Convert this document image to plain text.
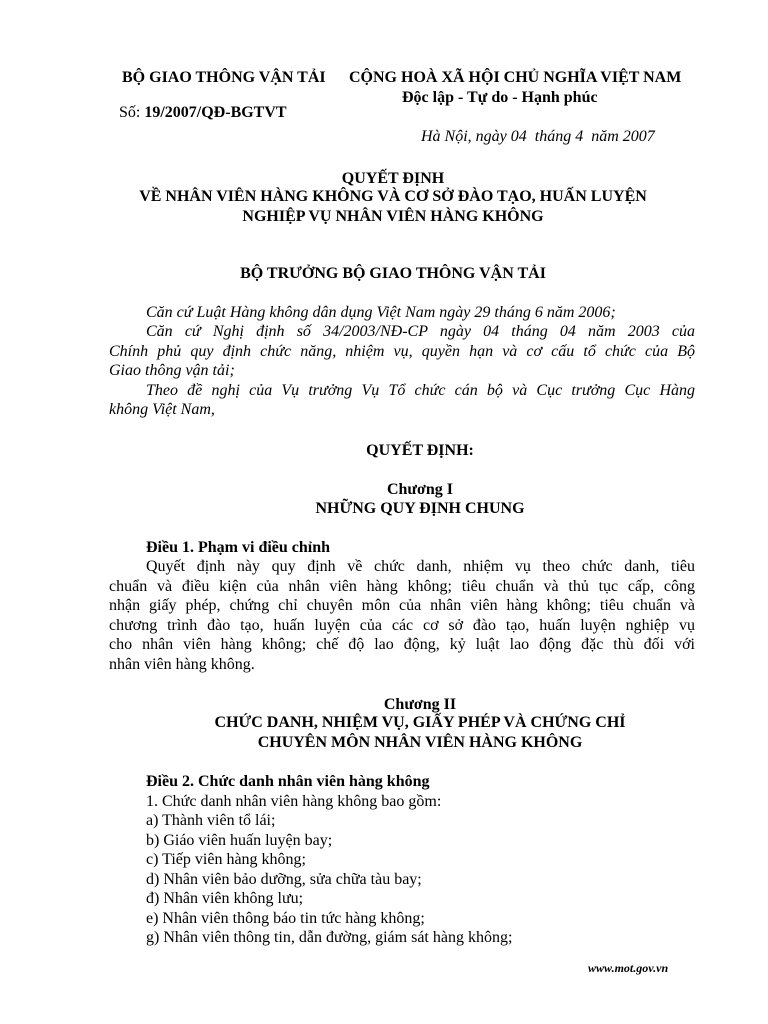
BỘ GIAO THÔNG VẬN TẢI CỘNG HOÀ XÃ HỘI CHỦ NGHĨA VIỆT NAM
Độc lập - Tự do - Hạnh phúc
Số: 19/2007/QĐ-BGTVT
Hà Nội, ngày 04  tháng 4  năm 2007
QUYẾT ĐỊNH
VỀ NHÂN VIÊN HÀNG KHÔNG VÀ CƠ SỞ ĐÀO TẠO, HUẤN LUYỆN
NGHIỆP VỤ NHÂN VIÊN HÀNG KHÔNG
BỘ TRƯỞNG BỘ GIAO THÔNG VẬN TẢI
Căn cứ Luật Hàng không dân dụng Việt Nam ngày 29 tháng 6 năm 2006;
Căn cứ Nghị định số 34/2003/NĐ-CP ngày 04 tháng 04 năm 2003 của
Chính phủ quy định chức năng, nhiệm vụ, quyền hạn và cơ cấu tổ chức của Bộ
Giao thông vận tải;
Theo đề nghị của Vụ trưởng Vụ Tổ chức cán bộ và Cục trưởng Cục Hàng
không Việt Nam,
QUYẾT ĐỊNH:
Chương I
NHỮNG QUY ĐỊNH CHUNG
Điều 1. Phạm vi điều chỉnh
Quyết định này quy định về chức danh, nhiệm vụ theo chức danh, tiêu
chuẩn và điều kiện của nhân viên hàng không; tiêu chuẩn và thủ tục cấp, công
nhận giấy phép, chứng chỉ chuyên môn của nhân viên hàng không; tiêu chuẩn và
chương trình đào tạo, huấn luyện của các cơ sở đào tạo, huấn luyện nghiệp vụ
cho nhân viên hàng không; chế độ lao động, kỷ luật lao động đặc thù đối với
nhân viên hàng không.
Chương II
CHỨC DANH, NHIỆM VỤ, GIẤY PHÉP VÀ CHỨNG CHỈ
CHUYÊN MÔN NHÂN VIÊN HÀNG KHÔNG
Điều 2. Chức danh nhân viên hàng không
1. Chức danh nhân viên hàng không bao gồm:
a) Thành viên tổ lái;
b) Giáo viên huấn luyện bay;
c) Tiếp viên hàng không;
d) Nhân viên bảo dưỡng, sửa chữa tàu bay;
đ) Nhân viên không lưu;
e) Nhân viên thông báo tin tức hàng không;
g) Nhân viên thông tin, dẫn đường, giám sát hàng không;
www.mot.gov.vn
